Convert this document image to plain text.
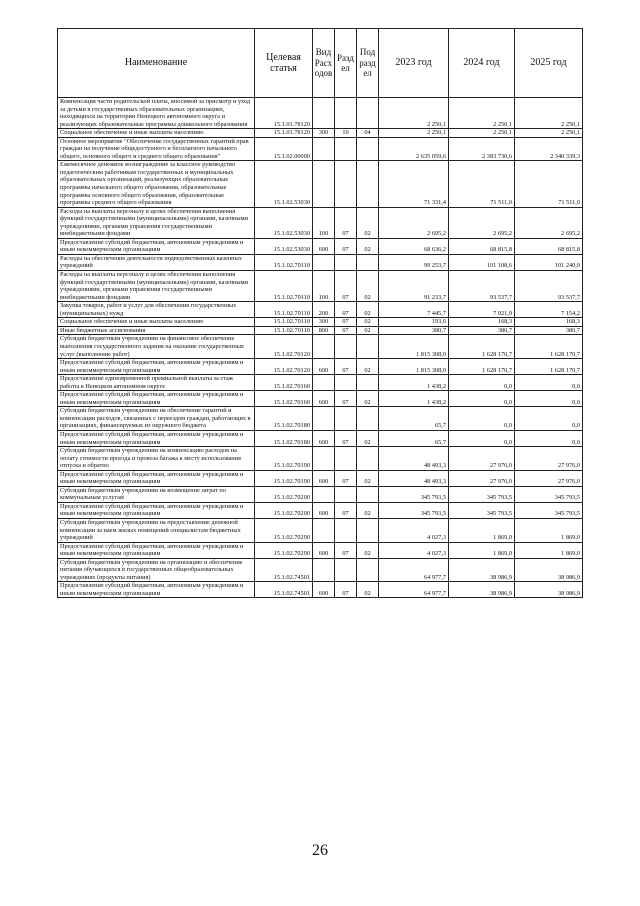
Наименование	Целевая статья	Вид Расходов	Раздел	Подраздел	2023 год	2024 год	2025 год
Компенсация части родительской платы, вносимой за присмотр и уход за детьми в государственных образовательных организациях, находящихся на территории Ненецкого автономного округа и реализующих образовательные программы дошкольного образования	15.1.01.78120				2 250,1	2 250,1	2 250,1
Социальное обеспечение и иные выплаты населению	15.1.01.78120	300	10	04	2 250,1	2 250,1	2 250,1
Основное мероприятие "Обеспечение государственных гарантий прав граждан на получение общедоступного и бесплатного начального общего, основного общего и среднего общего образования"	15.1.02.00000				2 635 059,6	2 383 730,6	2 340 339,3
Ежемесячное денежное вознаграждение за классное руководство педагогическим работникам государственных и муниципальных образовательных организаций, реализующих образовательные программы начального общего образования, образовательные программы основного общего образования, образовательные программы среднего общего образования	15.1.02.53030				71 331,4	71 511,0	71 511,0
Расходы на выплаты персоналу в целях обеспечения выполнения функций государственными (муниципальными) органами, казенными учреждениями, органами управления государственными внебюджетными фондами	15.1.02.53030	100	07	02	2 695,2	2 695,2	2 695,2
Предоставление субсидий бюджетным, автономным учреждениям и иным некоммерческим организациям	15.1.02.53030	600	07	02	68 636,2	68 815,8	68 815,8
Расходы на обеспечение деятельности подведомственных казенных учреждений	15.1.02.70110				99 253,7	101 108,6	101 240,9
Расходы на выплаты персоналу в целях обеспечения выполнения функций государственными (муниципальными) органами, казенными учреждениями, органами управления государственными внебюджетными фондами	15.1.02.70110	100	07	02	91 233,7	93 537,7	93 537,7
Закупка товаров, работ и услуг для обеспечения государственных (муниципальных) нужд	15.1.02.70110	200	07	02	7 445,7	7 021,9	7 154,2
Социальное обеспечение и иные выплаты населению	15.1.02.70110	300	07	02	193,6	168,3	168,3
Иные бюджетные ассигнования	15.1.02.70110	800	07	02	380,7	380,7	380,7
Субсидии бюджетным учреждениям на финансовое обеспечение выполнения государственного задания на оказание государственных услуг (выполнение работ)	15.1.02.70120				1 815 308,0	1 628 170,7	1 628 170,7
Предоставление субсидий бюджетным, автономным учреждениям и иным некоммерческим организациям	15.1.02.70120	600	07	02	1 815 308,0	1 628 170,7	1 628 170,7
Предоставление единовременной премиальной выплаты за стаж работы в Ненецком автономном округе	15.1.02.70160				1 438,2	0,0	0,0
Предоставление субсидий бюджетным, автономным учреждениям и иным некоммерческим организациям	15.1.02.70160	600	07	02	1 438,2	0,0	0,0
Субсидии бюджетным учреждениям на обеспечение гарантий и компенсации расходов, связанных с переездом граждан, работающих в организациях, финансируемых из окружного бюджета	15.1.02.70180				65,7	0,0	0,0
Предоставление субсидий бюджетным, автономным учреждениям и иным некоммерческим организациям	15.1.02.70180	600	07	02	65,7	0,0	0,0
Субсидии бюджетным учреждениям на компенсацию расходов на оплату стоимости проезда и провоза багажа к месту использования отпуска и обратно	15.1.02.70190				48 493,3	27 976,0	27 976,0
Предоставление субсидий бюджетным, автономным учреждениям и иным некоммерческим организациям	15.1.02.70190	600	07	02	48 493,3	27 976,0	27 976,0
Субсидии бюджетным учреждениям на возмещение затрат по коммунальным услугам	15.1.02.70200				345 793,5	345 793,5	345 793,5
Предоставление субсидий бюджетным, автономным учреждениям и иным некоммерческим организациям	15.1.02.70200	600	07	02	345 793,5	345 793,5	345 793,5
Субсидии бюджетным учреждениям на предоставление денежной компенсации за наем жилых помещений специалистам бюджетных учреждений	15.1.02.70290				4 027,3	1 869,0	1 869,0
Предоставление субсидий бюджетным, автономным учреждениям и иным некоммерческим организациям	15.1.02.70290	600	07	02	4 027,3	1 869,0	1 869,0
Субсидии бюджетным учреждениям на организацию и обеспечение питания обучающихся в государственных общеобразовательных учреждениях (продукты питания)	15.1.02.74501				64 977,7	38 986,9	38 986,9
Предоставление субсидий бюджетным, автономным учреждениям и иным некоммерческим организациям	15.1.02.74501	600	07	02	64 977,7	38 986,9	38 986,9
26
